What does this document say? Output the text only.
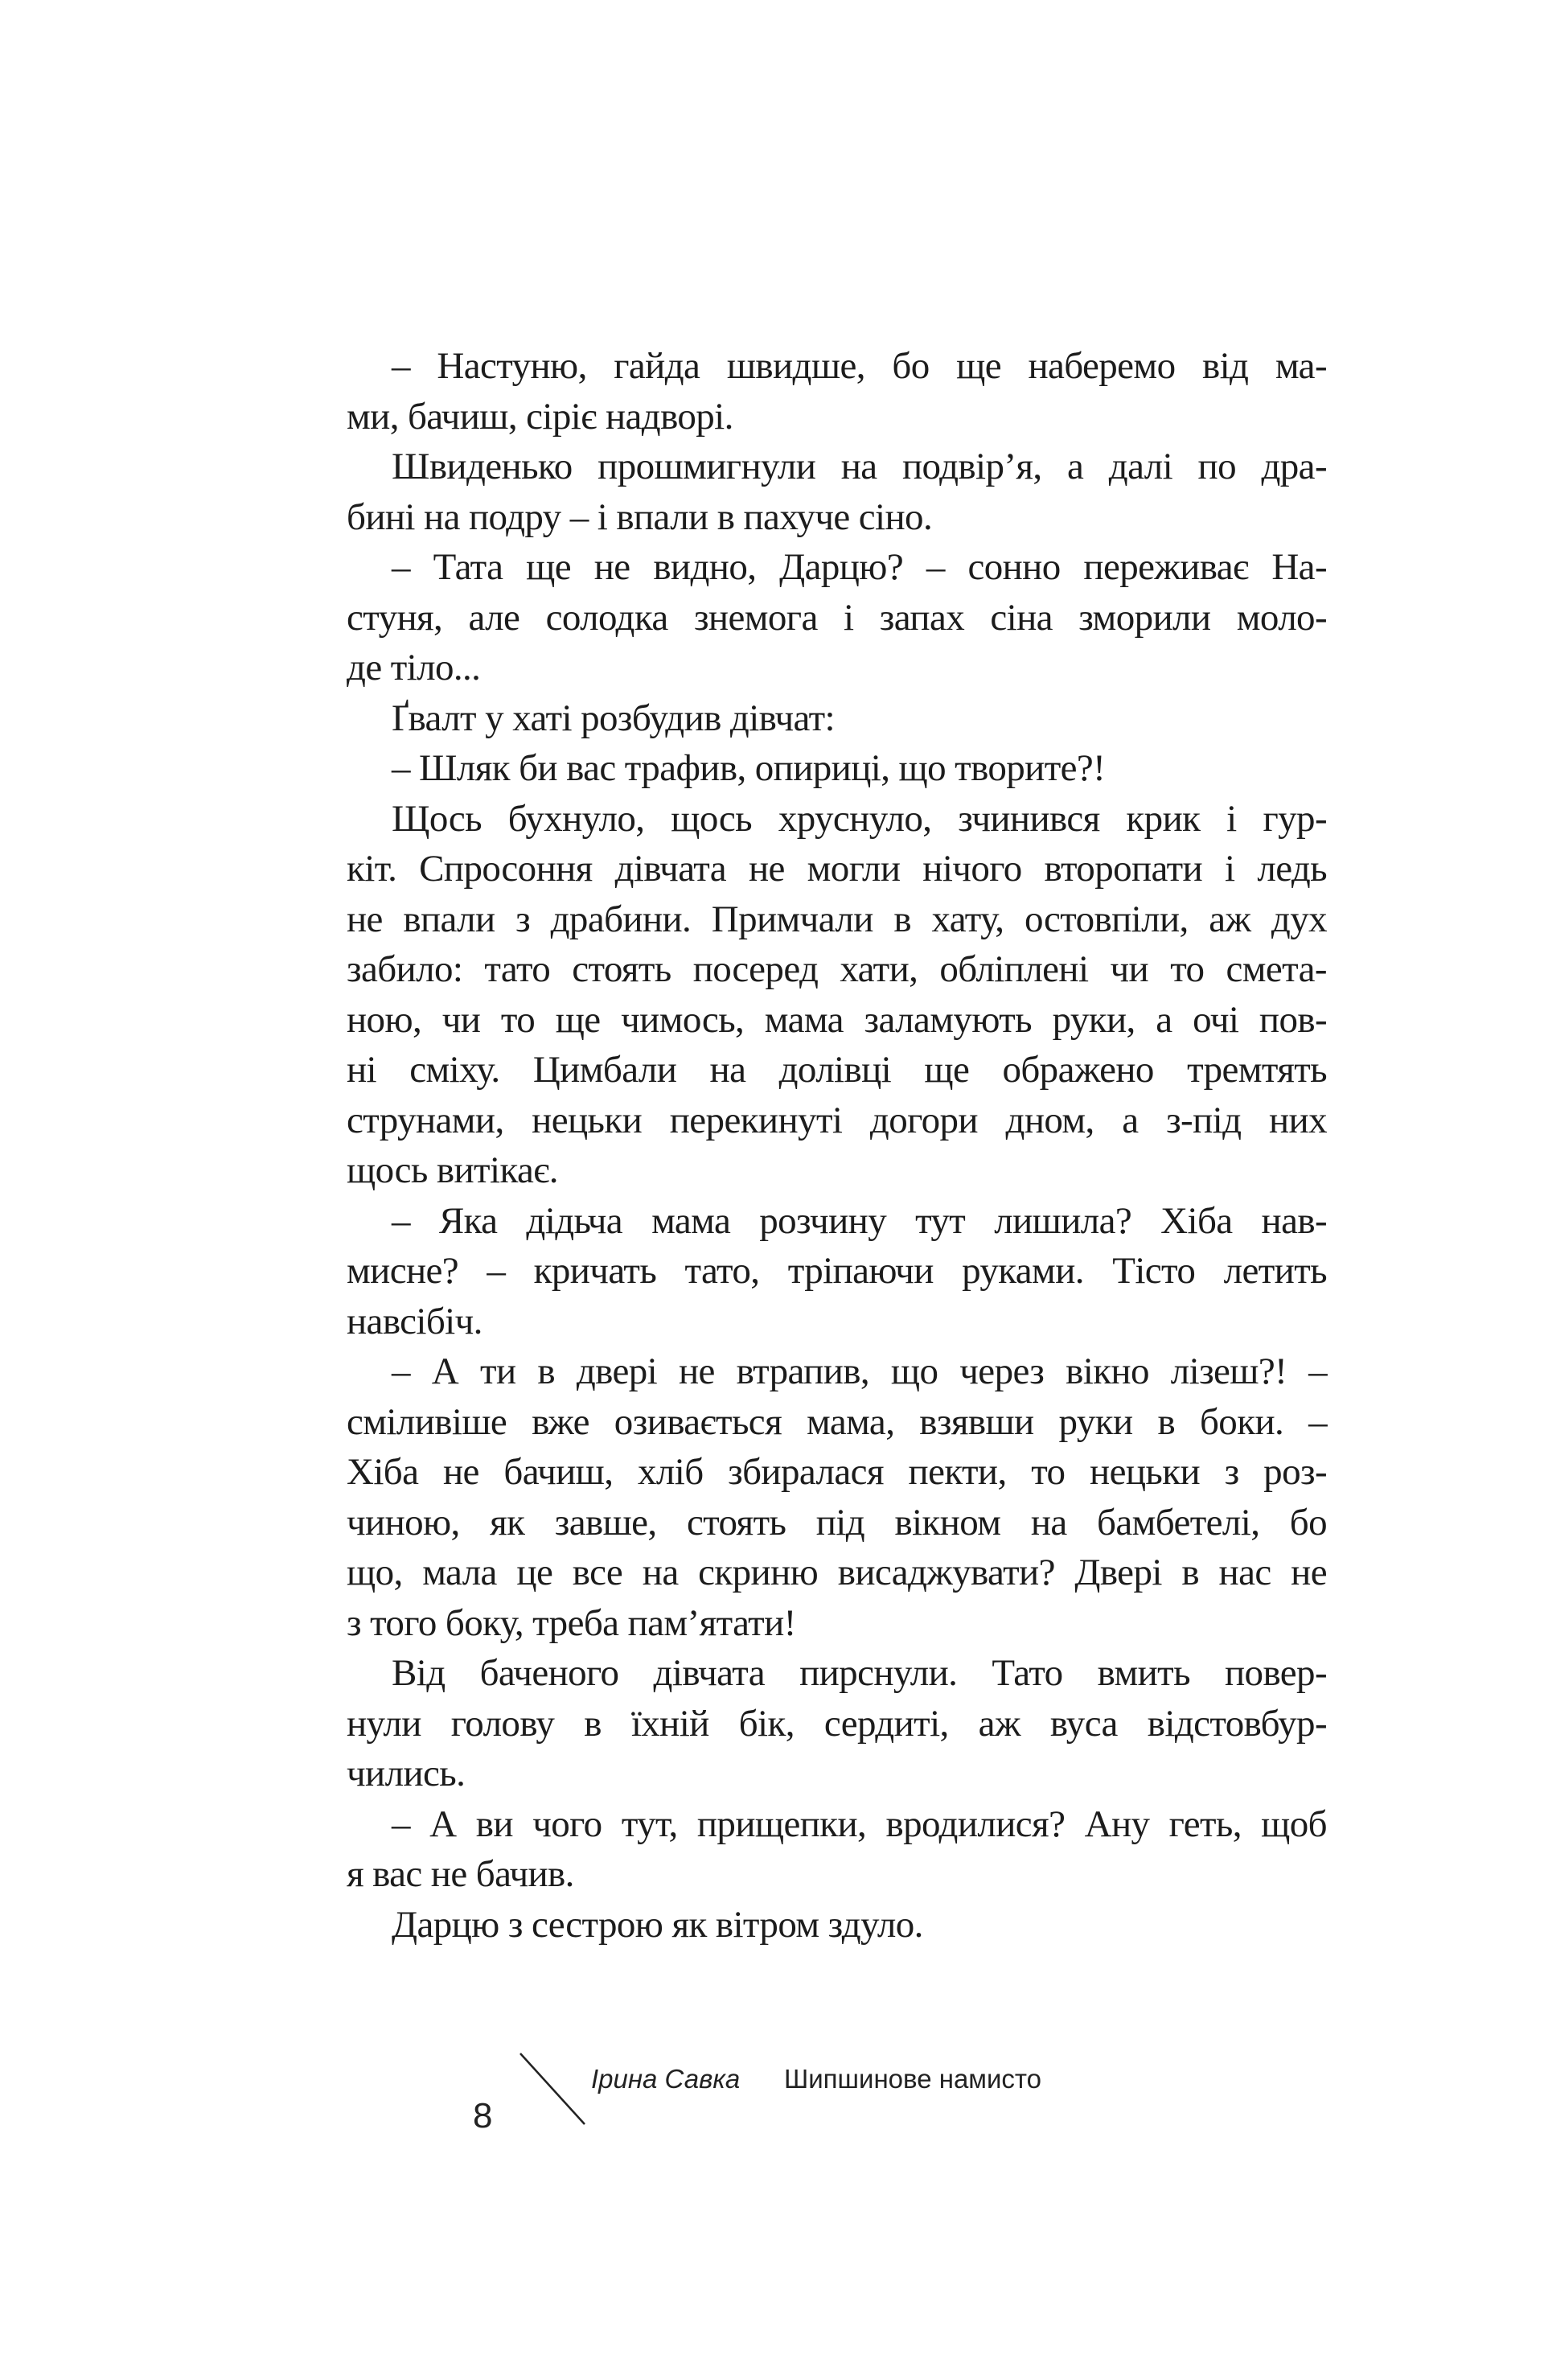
– Настуню, гайда швидше, бо ще наберемо від ма-
ми, бачиш, сіріє надворі.
Швиденько прошмигнули на подвір’я, а далі по дра-
бині на подру – і впали в пахуче сіно.
– Тата ще не видно, Дарцю? – сонно переживає На-
стуня, але солодка знемога і запах сіна зморили моло-
де тіло...
Ґвалт у хаті розбудив дівчат:
– Шляк би вас трафив, опириці, що творите?!
Щось бухнуло, щось хруснуло, зчинився крик і гур-
кіт. Спросоння дівчата не могли нічого второпати і ледь
не впали з драбини. Примчали в хату, остовпіли, аж дух
забило: тато стоять посеред хати, обліплені чи то смета-
ною, чи то ще чимось, мама заламують руки, а очі пов-
ні сміху. Цимбали на долівці ще ображено тремтять
струнами, нецьки перекинуті догори дном, а з-під них
щось витікає.
– Яка дідьча мама розчину тут лишила? Хіба нав-
мисне? – кричать тато, тріпаючи руками. Тісто летить
навсібіч.
– А ти в двері не втрапив, що через вікно лізеш?! –
сміливіше вже озивається мама, взявши руки в боки. –
Хіба не бачиш, хліб збиралася пекти, то нецьки з роз-
чиною, як завше, стоять під вікном на бамбетелі, бо
що, мала це все на скриню висаджувати? Двері в нас не
з того боку, треба пам’ятати!
Від баченого дівчата пирснули. Тато вмить повер-
нули голову в їхній бік, сердиті, аж вуса відстовбур-
чились.
– А ви чого тут, прищепки, вродилися? Ану геть, щоб
я вас не бачив.
Дарцю з сестрою як вітром здуло.
Ірина Савка Шипшинове намисто
8
